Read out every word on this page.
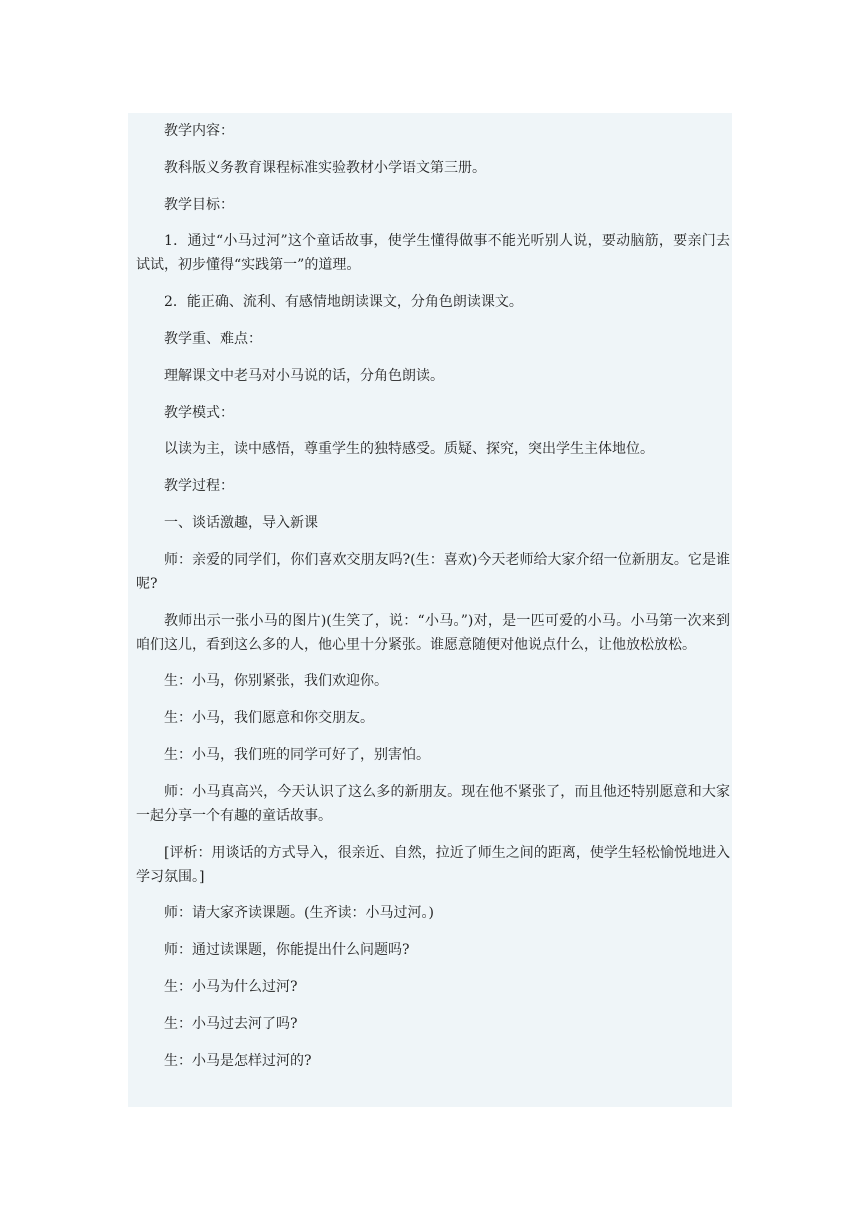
教学内容：

教科版义务教育课程标准实验教材小学语文第三册。

教学目标：

1．通过“小马过河”这个童话故事，使学生懂得做事不能光听别人说，要动脑筋，要亲门去试试，初步懂得“实践第一”的道理。

2．能正确、流利、有感情地朗读课文，分角色朗读课文。

教学重、难点：

理解课文中老马对小马说的话，分角色朗读。

教学模式：

以读为主，读中感悟，尊重学生的独特感受。质疑、探究，突出学生主体地位。

教学过程：

一、谈话激趣，导入新课

师：亲爱的同学们，你们喜欢交朋友吗?(生：喜欢)今天老师给大家介绍一位新朋友。它是谁呢?

教师出示一张小马的图片)(生笑了，说：“小马。”)对，是一匹可爱的小马。小马第一次来到咱们这儿，看到这么多的人，他心里十分紧张。谁愿意随便对他说点什么，让他放松放松。

生：小马，你别紧张，我们欢迎你。

生：小马，我们愿意和你交朋友。

生：小马，我们班的同学可好了，别害怕。

师：小马真高兴，今天认识了这么多的新朋友。现在他不紧张了，而且他还特别愿意和大家一起分享一个有趣的童话故事。

[评析：用谈话的方式导入，很亲近、自然，拉近了师生之间的距离，使学生轻松愉悦地进入学习氛围。]

师：请大家齐读课题。(生齐读：小马过河。)

师：通过读课题，你能提出什么问题吗?

生：小马为什么过河?

生：小马过去河了吗?

生：小马是怎样过河的?
